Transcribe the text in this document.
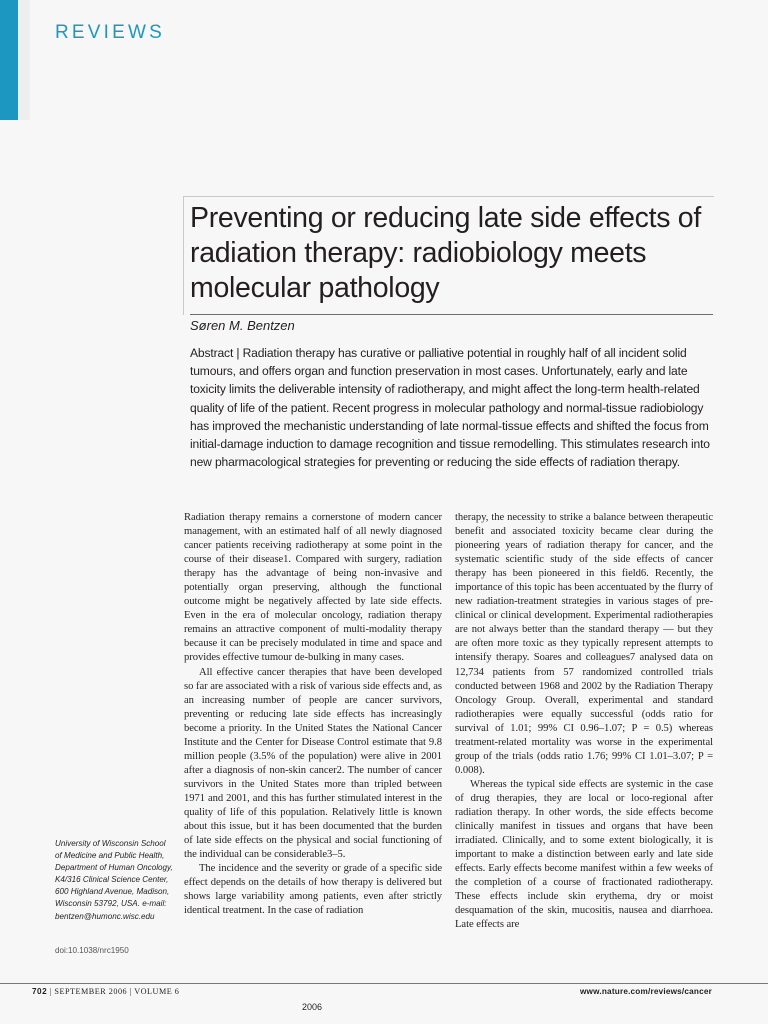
REVIEWS
Preventing or reducing late side effects of radiation therapy: radiobiology meets molecular pathology

Søren M. Bentzen

Abstract | Radiation therapy has curative or palliative potential in roughly half of all incident solid tumours, and offers organ and function preservation in most cases. Unfortunately, early and late toxicity limits the deliverable intensity of radiotherapy, and might affect the long-term health-related quality of life of the patient. Recent progress in molecular pathology and normal-tissue radiobiology has improved the mechanistic understanding of late normal-tissue effects and shifted the focus from initial-damage induction to damage recognition and tissue remodelling. This stimulates research into new pharmacological strategies for preventing or reducing the side effects of radiation therapy.

Radiation therapy remains a cornerstone of modern cancer management, with an estimated half of all newly diagnosed cancer patients receiving radiotherapy at some point in the course of their disease1. Compared with surgery, radiation therapy has the advantage of being non-invasive and potentially organ preserving, although the functional outcome might be negatively affected by late side effects. Even in the era of molecular oncology, radiation therapy remains an attractive component of multi-modality therapy because it can be precisely modulated in time and space and provides effective tumour de-bulking in many cases.

All effective cancer therapies that have been developed so far are associated with a risk of various side effects and, as an increasing number of people are cancer survivors, preventing or reducing late side effects has increasingly become a priority. In the United States the National Cancer Institute and the Center for Disease Control estimate that 9.8 million people (3.5% of the population) were alive in 2001 after a diagnosis of non-skin cancer2. The number of cancer survivors in the United States more than tripled between 1971 and 2001, and this has further stimulated interest in the quality of life of this population. Relatively little is known about this issue, but it has been documented that the burden of late side effects on the physical and social functioning of the individual can be considerable3–5.

The incidence and the severity or grade of a specific side effect depends on the details of how therapy is delivered but shows large variability among patients, even after strictly identical treatment. In the case of radiation

therapy, the necessity to strike a balance between therapeutic benefit and associated toxicity became clear during the pioneering years of radiation therapy for cancer, and the systematic scientific study of the side effects of cancer therapy has been pioneered in this field6. Recently, the importance of this topic has been accentuated by the flurry of new radiation-treatment strategies in various stages of pre-clinical or clinical development. Experimental radiotherapies are not always better than the standard therapy — but they are often more toxic as they typically represent attempts to intensify therapy. Soares and colleagues7 analysed data on 12,734 patients from 57 randomized controlled trials conducted between 1968 and 2002 by the Radiation Therapy Oncology Group. Overall, experimental and standard radiotherapies were equally successful (odds ratio for survival of 1.01; 99% CI 0.96–1.07; P = 0.5) whereas treatment-related mortality was worse in the experimental group of the trials (odds ratio 1.76; 99% CI 1.01–3.07; P = 0.008).

Whereas the typical side effects are systemic in the case of drug therapies, they are local or loco-regional after radiation therapy. In other words, the side effects become clinically manifest in tissues and organs that have been irradiated. Clinically, and to some extent biologically, it is important to make a distinction between early and late side effects. Early effects become manifest within a few weeks of the completion of a course of fractionated radiotherapy. These effects include skin erythema, dry or moist desquamation of the skin, mucositis, nausea and diarrhoea. Late effects are

University of Wisconsin School of Medicine and Public Health, Department of Human Oncology, K4/316 Clinical Science Center, 600 Highland Avenue, Madison, Wisconsin 53792, USA. e-mail: bentzen@humonc.wisc.edu

doi:10.1038/nrc1950

702 | SEPTEMBER 2006 | VOLUME 6	www.nature.com/reviews/cancer
2006
